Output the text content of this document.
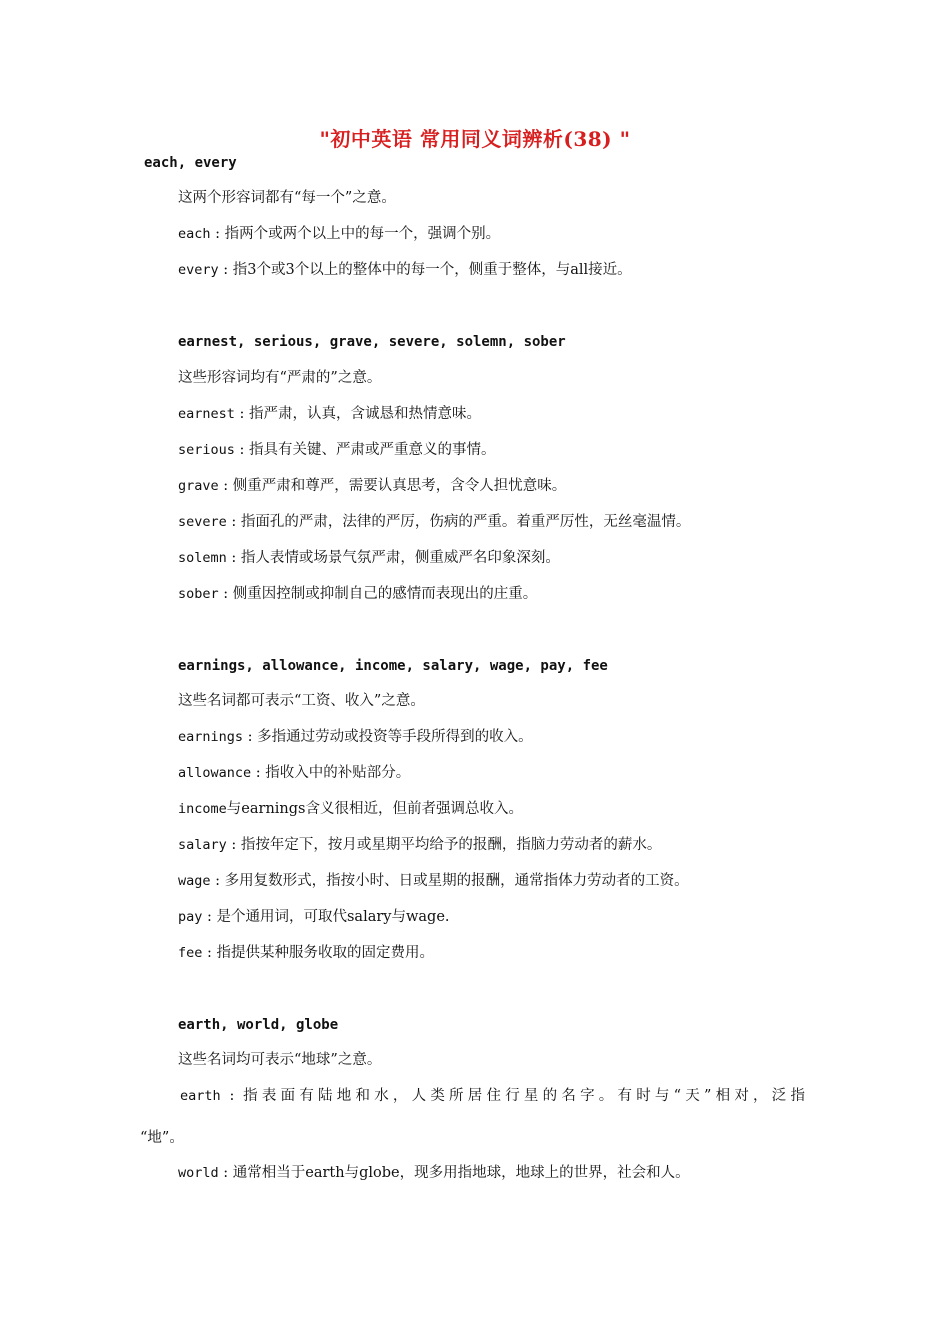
"初中英语 常用同义词辨析(38) "
each, every
这两个形容词都有“每一个”之意。
each : 指两个或两个以上中的每一个，强调个别。
every : 指3个或3个以上的整体中的每一个，侧重于整体，与all接近。
earnest, serious, grave, severe, solemn, sober
这些形容词均有“严肃的”之意。
earnest : 指严肃，认真，含诚恳和热情意味。
serious : 指具有关键、严肃或严重意义的事情。
grave : 侧重严肃和尊严，需要认真思考，含令人担忧意味。
severe : 指面孔的严肃，法律的严厉，伤病的严重。着重严厉性，无丝毫温情。
solemn : 指人表情或场景气氛严肃，侧重威严名印象深刻。
sober : 侧重因控制或抑制自己的感情而表现出的庄重。
earnings, allowance, income, salary, wage, pay, fee
这些名词都可表示“工资、收入”之意。
earnings : 多指通过劳动或投资等手段所得到的收入。
allowance : 指收入中的补贴部分。
income与earnings含义很相近，但前者强调总收入。
salary : 指按年定下，按月或星期平均给予的报酬，指脑力劳动者的薪水。
wage : 多用复数形式，指按小时、日或星期的报酬，通常指体力劳动者的工资。
pay : 是个通用词，可取代salary与wage.
fee : 指提供某种服务收取的固定费用。
earth, world, globe
这些名词均可表示“地球”之意。
earth : 指表面有陆地和水，人类所居住行星的名字。有时与“天”相对，泛指
“地”。
world : 通常相当于earth与globe，现多用指地球，地球上的世界，社会和人。
